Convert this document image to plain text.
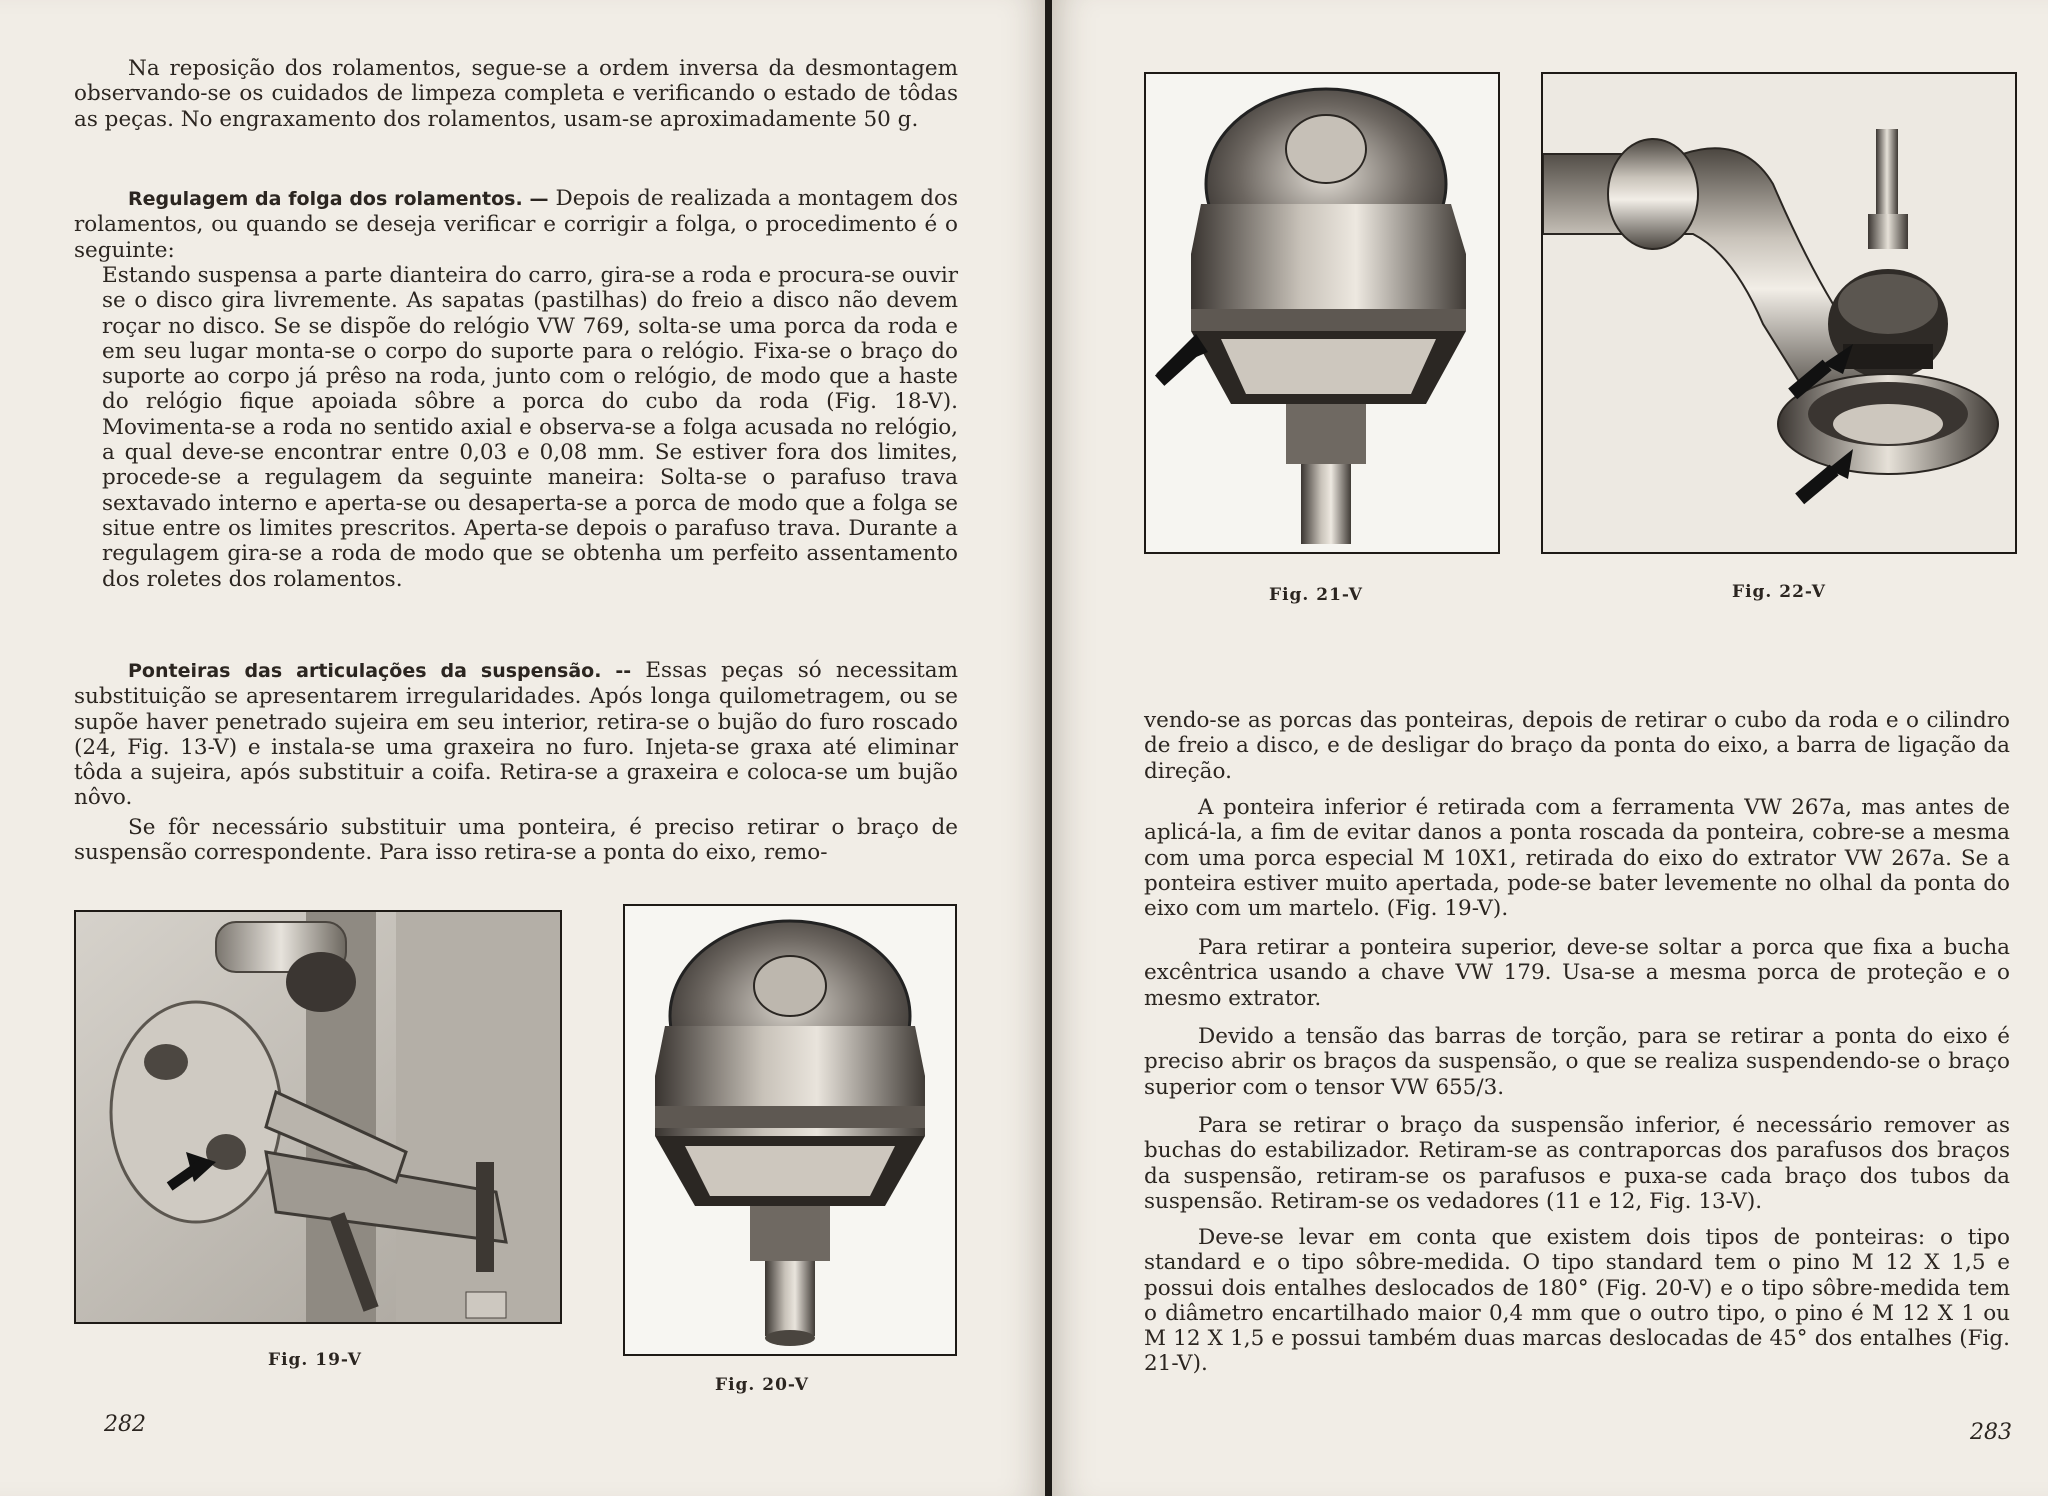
Na reposição dos rolamentos, segue-se a ordem inversa da desmontagem observando-se os cuidados de limpeza completa e verificando o estado de tôdas as peças. No engraxamento dos rolamentos, usam-se aproximadamente 50 g.

Regulagem da folga dos rolamentos. — Depois de realizada a montagem dos rolamentos, ou quando se deseja verificar e corrigir a folga, o procedimento é o seguinte:

Estando suspensa a parte dianteira do carro, gira-se a roda e procura-se ouvir se o disco gira livremente. As sapatas (pastilhas) do freio a disco não devem roçar no disco. Se se dispõe do relógio VW 769, solta-se uma porca da roda e em seu lugar monta-se o corpo do suporte para o relógio. Fixa-se o braço do suporte ao corpo já prêso na roda, junto com o relógio, de modo que a haste do relógio fique apoiada sôbre a porca do cubo da roda (Fig. 18-V). Movimenta-se a roda no sentido axial e observa-se a folga acusada no relógio, a qual deve-se encontrar entre 0,03 e 0,08 mm. Se estiver fora dos limites, procede-se a regulagem da seguinte maneira: Solta-se o parafuso trava sextavado interno e aperta-se ou desaperta-se a porca de modo que a folga se situe entre os limites prescritos. Aperta-se depois o parafuso trava. Durante a regulagem gira-se a roda de modo que se obtenha um perfeito assentamento dos roletes dos rolamentos.

Ponteiras das articulações da suspensão. -- Essas peças só necessitam substituição se apresentarem irregularidades. Após longa quilometragem, ou se supõe haver penetrado sujeira em seu interior, retira-se o bujão do furo roscado (24, Fig. 13-V) e instala-se uma graxeira no furo. Injeta-se graxa até eliminar tôda a sujeira, após substituir a coifa. Retira-se a graxeira e coloca-se um bujão nôvo.

Se fôr necessário substituir uma ponteira, é preciso retirar o braço de suspensão correspondente. Para isso retira-se a ponta do eixo, remo-

Fig. 19-V
Fig. 20-V
282
Fig. 21-V	Fig. 22-V

vendo-se as porcas das ponteiras, depois de retirar o cubo da roda e o cilindro de freio a disco, e de desligar do braço da ponta do eixo, a barra de ligação da direção.

A ponteira inferior é retirada com a ferramenta VW 267a, mas antes de aplicá-la, a fim de evitar danos a ponta roscada da ponteira, cobre-se a mesma com uma porca especial M 10X1, retirada do eixo do extrator VW 267a. Se a ponteira estiver muito apertada, pode-se bater levemente no olhal da ponta do eixo com um martelo. (Fig. 19-V).

Para retirar a ponteira superior, deve-se soltar a porca que fixa a bucha excêntrica usando a chave VW 179. Usa-se a mesma porca de proteção e o mesmo extrator.

Devido a tensão das barras de torção, para se retirar a ponta do eixo é preciso abrir os braços da suspensão, o que se realiza suspendendo-se o braço superior com o tensor VW 655/3.

Para se retirar o braço da suspensão inferior, é necessário remover as buchas do estabilizador. Retiram-se as contraporcas dos parafusos dos braços da suspensão, retiram-se os parafusos e puxa-se cada braço dos tubos da suspensão. Retiram-se os vedadores (11 e 12, Fig. 13-V).

Deve-se levar em conta que existem dois tipos de ponteiras: o tipo standard e o tipo sôbre-medida. O tipo standard tem o pino M 12 X 1,5 e possui dois entalhes deslocados de 180° (Fig. 20-V) e o tipo sôbre-medida tem o diâmetro encartilhado maior 0,4 mm que o outro tipo, o pino é M 12 X 1 ou M 12 X 1,5 e possui também duas marcas deslocadas de 45° dos entalhes (Fig. 21-V).

283
